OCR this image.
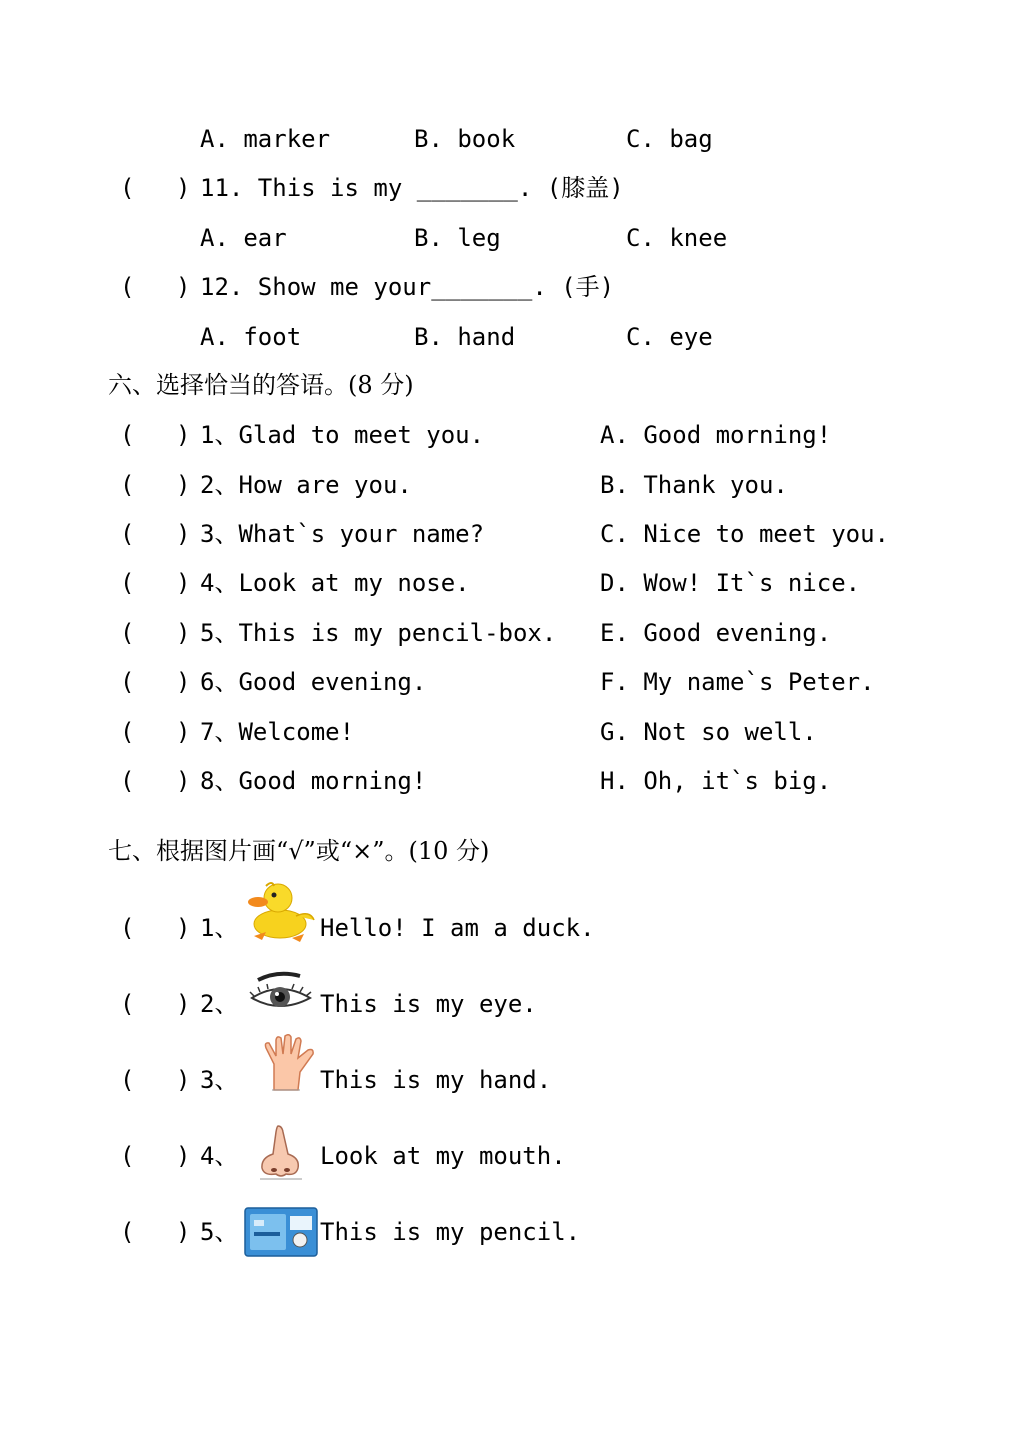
A. marker	B. book	C. bag
( ) 11. This is my _______. (膝盖)
A. ear	B. leg	C. knee
( ) 12. Show me your_______. (手)
A. foot	B. hand	C. eye
六、选择恰当的答语。(8 分)
( ) 1、Glad to meet you.	A. Good morning!
( ) 2、How are you.	B. Thank you.
( ) 3、What`s your name?	C. Nice to meet you.
( ) 4、Look at my nose.	D. Wow! It`s nice.
( ) 5、This is my pencil-box. E. Good evening.
( ) 6、Good evening.	F. My name`s Peter.
( ) 7、Welcome!	G. Not so well.
( ) 8、Good morning!	H. Oh, it`s big.
七、根据图片画“√”或“×”。(10 分)
( ) 1、	Hello! I am a duck.
( ) 2、	This is my eye.
( ) 3、	This is my hand.
( ) 4、	Look at my mouth.
( ) 5、	This is my pencil.
